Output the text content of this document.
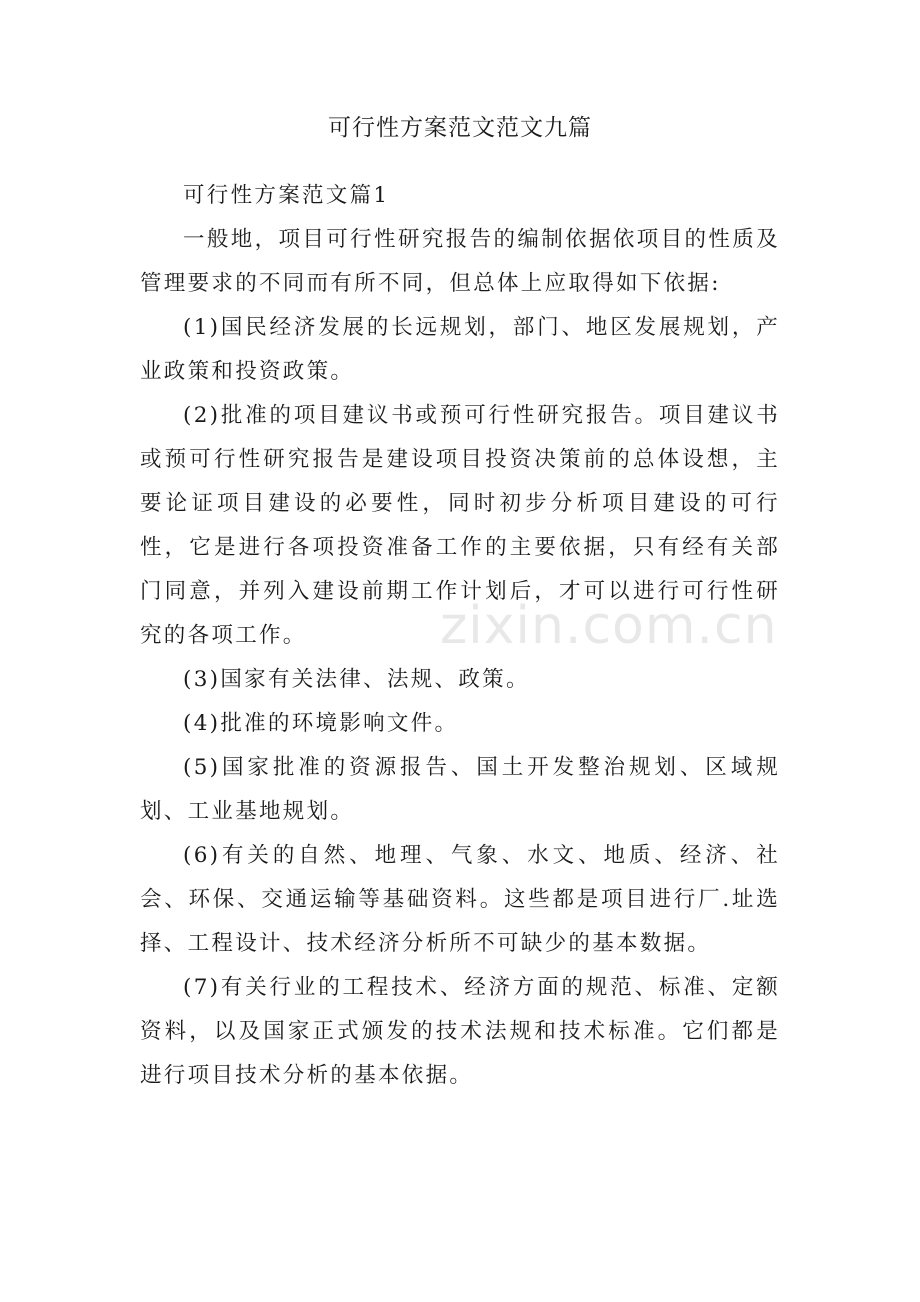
可行性方案范文范文九篇

可行性方案范文篇1

一般地，项目可行性研究报告的编制依据依项目的性质及管理要求的不同而有所不同，但总体上应取得如下依据:

(1)国民经济发展的长远规划，部门、地区发展规划，产业政策和投资政策。

(2)批准的项目建议书或预可行性研究报告。项目建议书或预可行性研究报告是建设项目投资决策前的总体设想，主要论证项目建设的必要性，同时初步分析项目建设的可行性，它是进行各项投资准备工作的主要依据，只有经有关部门同意，并列入建设前期工作计划后，才可以进行可行性研究的各项工作。

(3)国家有关法律、法规、政策。

(4)批准的环境影响文件。

(5)国家批准的资源报告、国土开发整治规划、区域规划、工业基地规划。

(6)有关的自然、地理、气象、水文、地质、经济、社会、环保、交通运输等基础资料。这些都是项目进行厂.址选择、工程设计、技术经济分析所不可缺少的基本数据。

(7)有关行业的工程技术、经济方面的规范、标准、定额资料，以及国家正式颁发的技术法规和技术标准。它们都是进行项目技术分析的基本依据。

zixin.com.cn
